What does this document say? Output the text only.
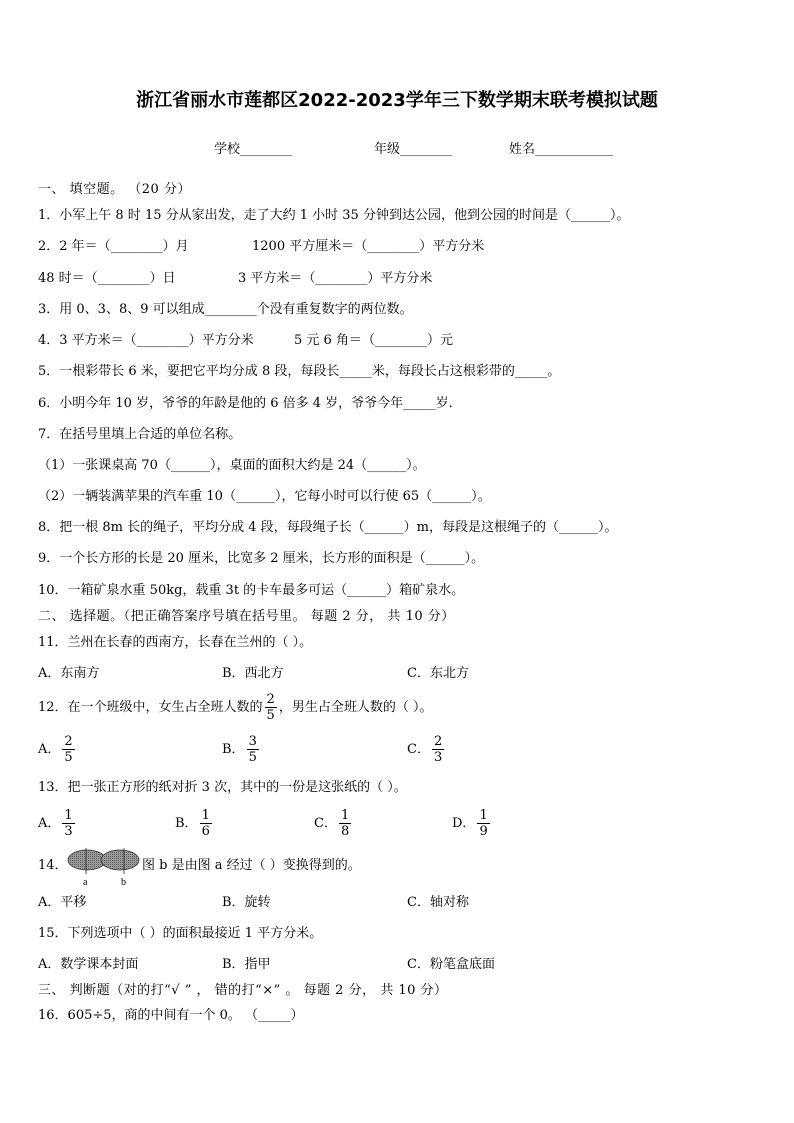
浙江省丽水市莲都区2022-2023学年三下数学期末联考模拟试题
学校________	年级________	姓名____________
一、 填空题。 （20 分）
1．小军上午 8 时 15 分从家出发，走了大约 1 小时 35 分钟到达公园，他到公园的时间是（______）。
2．2 年＝（________）月	1200 平方厘米＝（________）平方分米
48 时＝（________）日	3 平方米＝（________）平方分米
3．用 0、3、8、9 可以组成________个没有重复数字的两位数。
4．3 平方米＝（________）平方分米	5 元 6 角＝（________）元
5．一根彩带长 6 米，要把它平均分成 8 段，每段长_____米，每段长占这根彩带的_____。
6．小明今年 10 岁，爷爷的年龄是他的 6 倍多 4 岁，爷爷今年_____岁．
7．在括号里填上合适的单位名称。
（1）一张课桌高 70（______），桌面的面积大约是 24（______）。
（2）一辆装满苹果的汽车重 10（______），它每小时可以行使 65（______）。
8．把一根 8m 长的绳子，平均分成 4 段，每段绳子长（______）m，每段是这根绳子的（______）。
9．一个长方形的长是 20 厘米，比宽多 2 厘米，长方形的面积是（______）。
10．一箱矿泉水重 50kg，载重 3t 的卡车最多可运（______）箱矿泉水。
二、 选择题。（把正确答案序号填在括号里。 每题 2 分， 共 10 分）
11．兰州在长春的西南方，长春在兰州的（ ）。
A．东南方	B．西北方	C．东北方
12．在一个班级中，女生占全班人数的 $\frac{2}{5}$ ，男生占全班人数的（ ）。
A． $\frac{2}{5}$	B． $\frac{3}{5}$	C． $\frac{2}{3}$
13．把一张正方形的纸对折 3 次，其中的一份是这张纸的（ ）。
A． $\frac{1}{3}$	B． $\frac{1}{6}$	C． $\frac{1}{8}$	D． $\frac{1}{9}$
14．
a	b
图 b 是由图 a 经过（ ）变换得到的。
A．平移	B．旋转	C．轴对称
15．下列选项中（ ）的面积最接近 1 平方分米。
A．数学课本封面	B．指甲	C．粉笔盒底面
三、 判断题（对的打“√ ” ， 错的打“×” 。 每题 2 分， 共 10 分）
16．605÷5，商的中间有一个 0。 （_____）
